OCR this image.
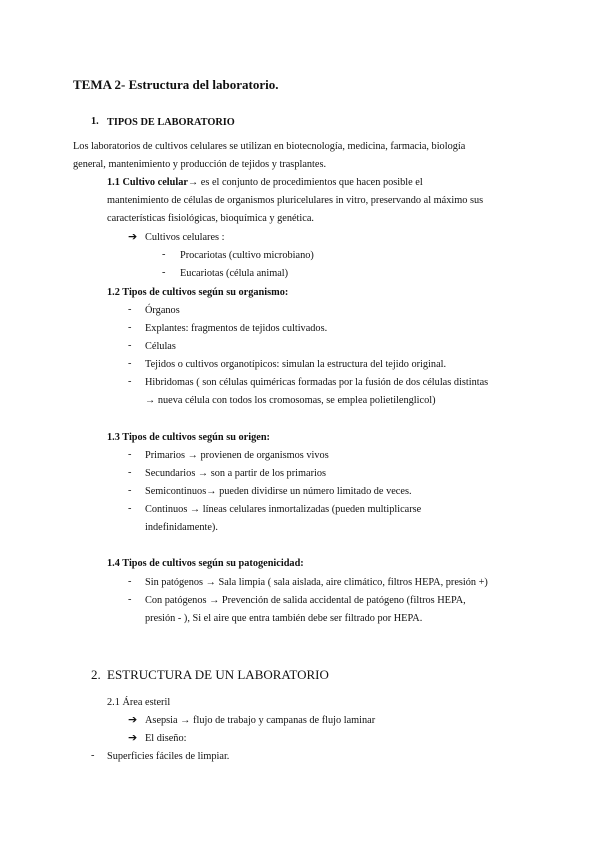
TEMA 2- Estructura del laboratorio.
1. TIPOS DE LABORATORIO
Los laboratorios de cultivos celulares se utilizan en biotecnología, medicina, farmacia, biología
general, mantenimiento y producción de tejidos y trasplantes.
1.1 Cultivo celular→ es el conjunto de procedimientos que hacen posible el
mantenimiento de células de organismos pluricelulares in vitro, preservando al máximo sus
características fisiológicas, bioquímica y genética.
➔ Cultivos celulares :
- Procariotas (cultivo microbiano)
- Eucariotas (célula animal)
1.2 Tipos de cultivos según su organismo:
- Órganos
- Explantes: fragmentos de tejidos cultivados.
- Células
- Tejidos o cultivos organotípicos: simulan la estructura del tejido original.
- Hibridomas ( son células quiméricas formadas por la fusión de dos células distintas
→ nueva célula con todos los cromosomas, se emplea polietilenglicol)
1.3 Tipos de cultivos según su origen:
- Primarios → provienen de organismos vivos
- Secundarios → son a partir de los primarios
- Semicontinuos→ pueden dividirse un número limitado de veces.
- Continuos → líneas celulares inmortalizadas (pueden multiplicarse
indefinidamente).
1.4 Tipos de cultivos según su patogenicidad:
- Sin patógenos → Sala limpia ( sala aislada, aire climático, filtros HEPA, presión +)
- Con patógenos → Prevención de salida accidental de patógeno (filtros HEPA,
presión - ), Si el aire que entra también debe ser filtrado por HEPA.
2. ESTRUCTURA DE UN LABORATORIO
2.1 Área esteril
➔ Asepsia → flujo de trabajo y campanas de flujo laminar
➔ El diseño:
- Superficies fáciles de limpiar.
